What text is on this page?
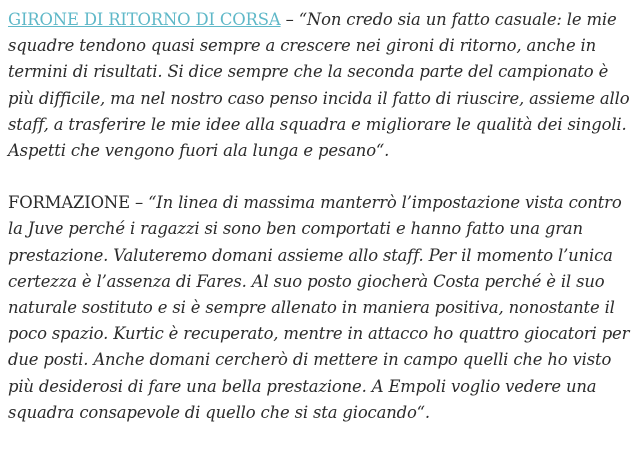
GIRONE DI RITORNO DI CORSA – “Non credo sia un fatto casuale: le mie squadre tendono quasi sempre a crescere nei gironi di ritorno, anche in termini di risultati. Si dice sempre che la seconda parte del campionato è più difficile, ma nel nostro caso penso incida il fatto di riuscire, assieme allo staff, a trasferire le mie idee alla squadra e migliorare le qualità dei singoli. Aspetti che vengono fuori ala lunga e pesano“.

FORMAZIONE – “In linea di massima manterrò l’impostazione vista contro la Juve perché i ragazzi si sono ben comportati e hanno fatto una gran prestazione. Valuteremo domani assieme allo staff. Per il momento l’unica certezza è l’assenza di Fares. Al suo posto giocherà Costa perché è il suo naturale sostituto e si è sempre allenato in maniera positiva, nonostante il poco spazio. Kurtic è recuperato, mentre in attacco ho quattro giocatori per due posti. Anche domani cercherò di mettere in campo quelli che ho visto più desiderosi di fare una bella prestazione. A Empoli voglio vedere una squadra consapevole di quello che si sta giocando“.
